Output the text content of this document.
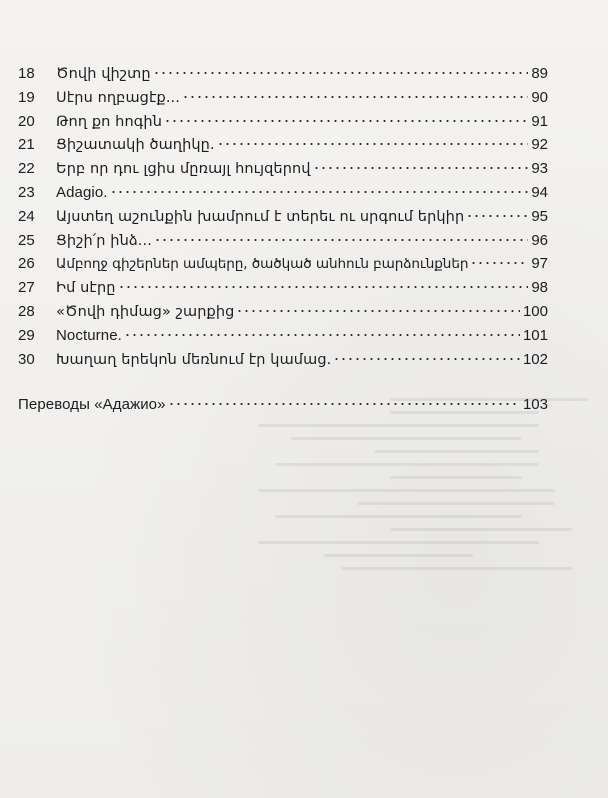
18	Ծովի վիշտը	89
19	Սէրս ողբացէք...	90
20	Թող քո հոգին	91
21	Ցիշատակի ծաղիկը.	92
22	Երբ որ դու լցիս մըռայլ հույզերով	93
23	Adagio.	94
24	Այստեղ աշունքին խամրում է տերեւ ու սրգում երկիր	95
25	Ցիշի՛ր ինձ...	96
26	Ամբողջ գիշերներ ամպերը, ծածկած անհուն բարձունքներ	97
27	Իմ սէրը	98
28	«Ծովի դիմաց» շարքից	100
29	Nocturne.	101
30	Խաղաղ երեկոն մեռնում էր կամաց.	102
Переводы «Адажио»	103
